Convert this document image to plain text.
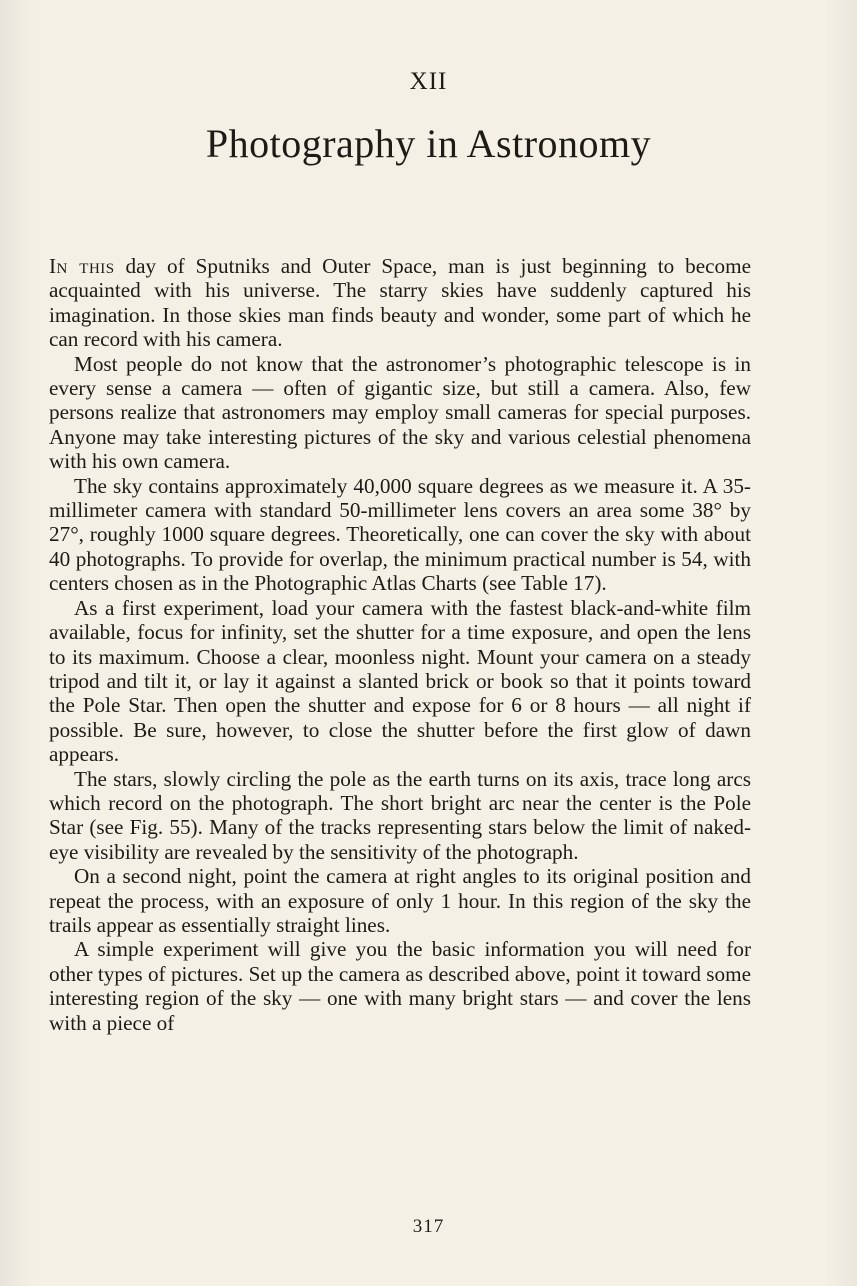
XII
Photography in Astronomy

In this day of Sputniks and Outer Space, man is just beginning to become acquainted with his universe. The starry skies have suddenly captured his imagination. In those skies man finds beauty and wonder, some part of which he can record with his camera.

Most people do not know that the astronomer’s photographic telescope is in every sense a camera — often of gigantic size, but still a camera. Also, few persons realize that astronomers may employ small cameras for special purposes. Anyone may take interesting pictures of the sky and various celestial phenomena with his own camera.

The sky contains approximately 40,000 square degrees as we measure it. A 35-millimeter camera with standard 50-millimeter lens covers an area some 38° by 27°, roughly 1000 square degrees. Theoretically, one can cover the sky with about 40 photographs. To provide for overlap, the minimum practical number is 54, with centers chosen as in the Photographic Atlas Charts (see Table 17).

As a first experiment, load your camera with the fastest black-and-white film available, focus for infinity, set the shutter for a time exposure, and open the lens to its maximum. Choose a clear, moonless night. Mount your camera on a steady tripod and tilt it, or lay it against a slanted brick or book so that it points toward the Pole Star. Then open the shutter and expose for 6 or 8 hours — all night if possible. Be sure, however, to close the shutter before the first glow of dawn appears.

The stars, slowly circling the pole as the earth turns on its axis, trace long arcs which record on the photograph. The short bright arc near the center is the Pole Star (see Fig. 55). Many of the tracks representing stars below the limit of naked-eye visibility are revealed by the sensitivity of the photograph.

On a second night, point the camera at right angles to its original position and repeat the process, with an exposure of only 1 hour. In this region of the sky the trails appear as essentially straight lines.

A simple experiment will give you the basic information you will need for other types of pictures. Set up the camera as described above, point it toward some interesting region of the sky — one with many bright stars — and cover the lens with a piece of

317
